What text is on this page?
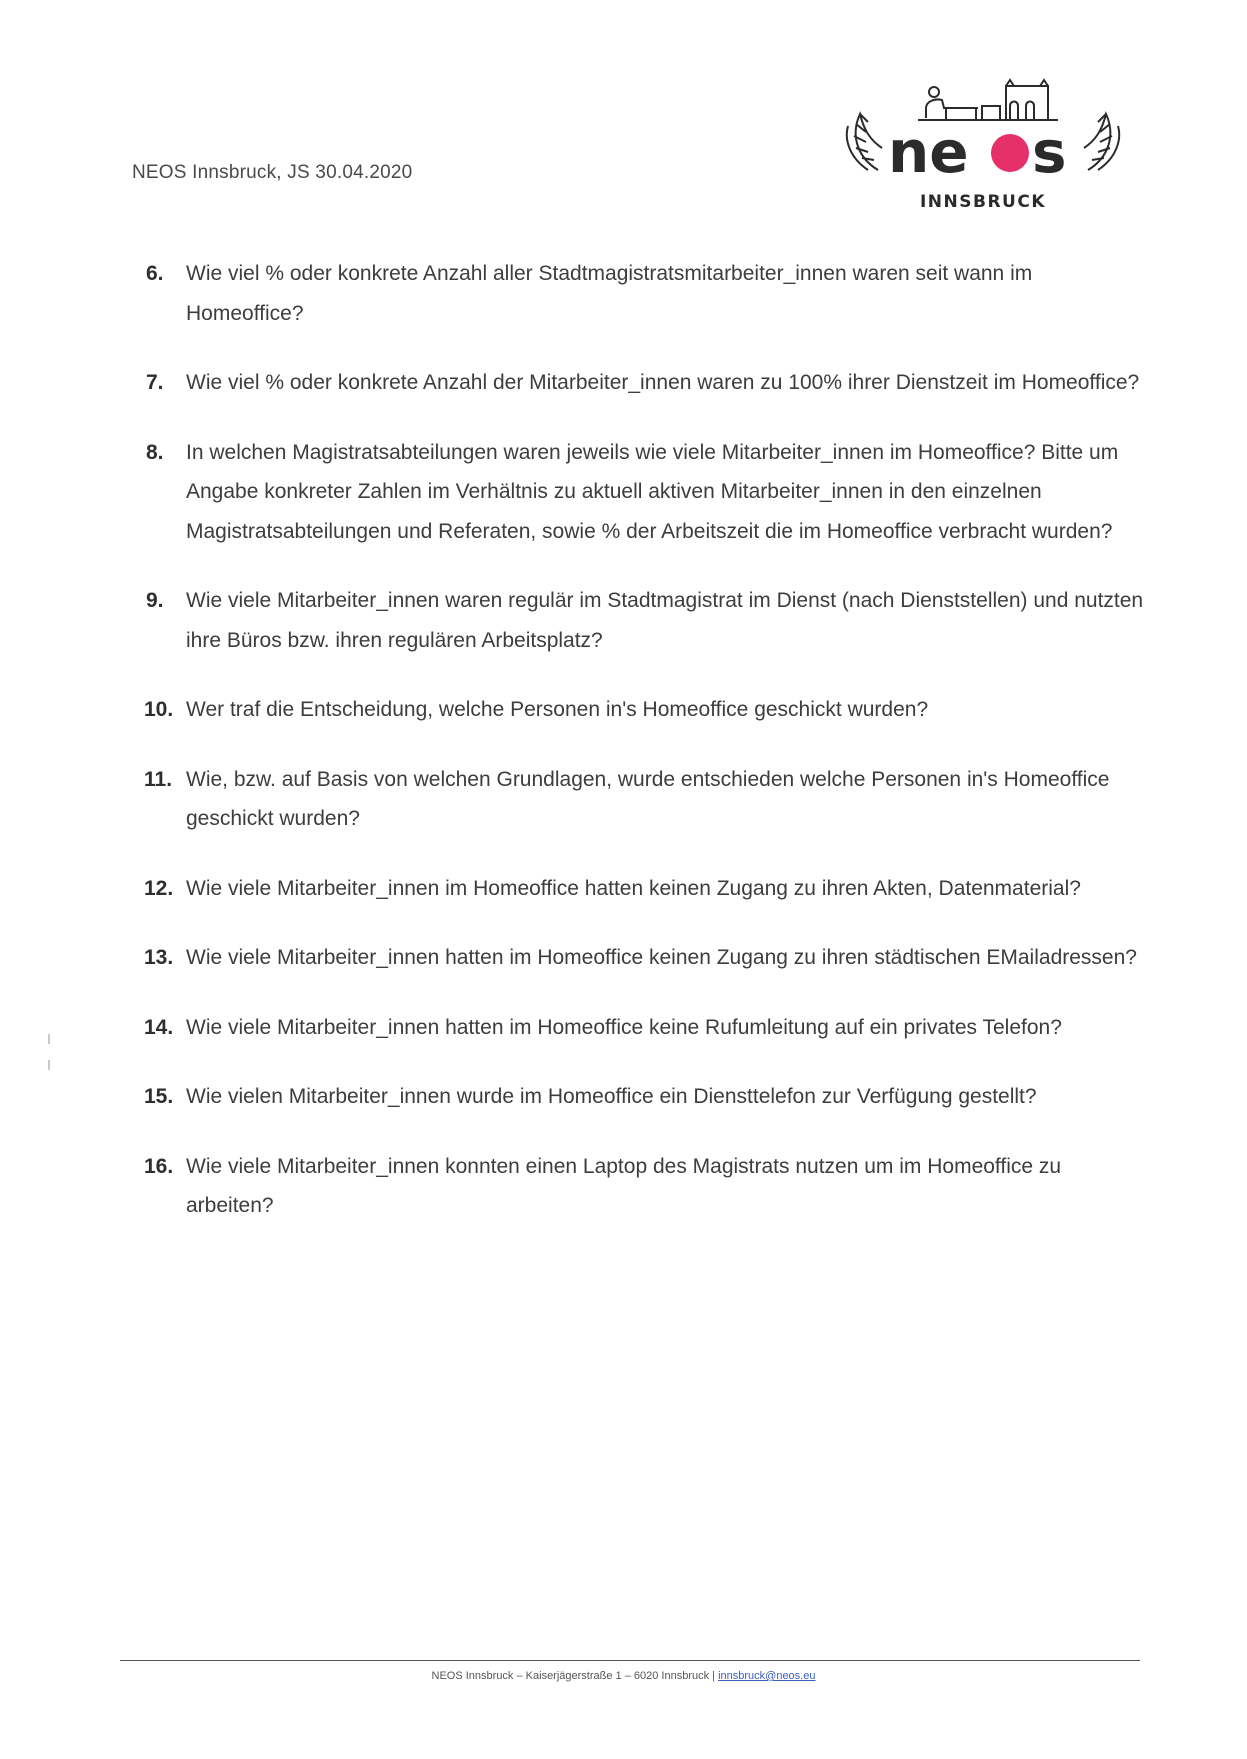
NEOS Innsbruck, JS 30.04.2020	ne s
INNSBRUCK
6. Wie viel % oder konkrete Anzahl aller Stadtmagistratsmitarbeiter_innen waren seit wann im Homeoffice?
7. Wie viel % oder konkrete Anzahl der Mitarbeiter_innen waren zu 100% ihrer Dienstzeit im Homeoffice?
8. In welchen Magistratsabteilungen waren jeweils wie viele Mitarbeiter_innen im Homeoffice? Bitte um Angabe konkreter Zahlen im Verhältnis zu aktuell aktiven Mitarbeiter_innen in den einzelnen Magistratsabteilungen und Referaten, sowie % der Arbeitszeit die im Homeoffice verbracht wurden?
9. Wie viele Mitarbeiter_innen waren regulär im Stadtmagistrat im Dienst (nach Dienststellen) und nutzten ihre Büros bzw. ihren regulären Arbeitsplatz?
10. Wer traf die Entscheidung, welche Personen in's Homeoffice geschickt wurden?
11. Wie, bzw. auf Basis von welchen Grundlagen, wurde entschieden welche Personen in's Homeoffice geschickt wurden?
12. Wie viele Mitarbeiter_innen im Homeoffice hatten keinen Zugang zu ihren Akten, Datenmaterial?
13. Wie viele Mitarbeiter_innen hatten im Homeoffice keinen Zugang zu ihren städtischen EMailadressen?
14. Wie viele Mitarbeiter_innen hatten im Homeoffice keine Rufumleitung auf ein privates Telefon?
15. Wie vielen Mitarbeiter_innen wurde im Homeoffice ein Diensttelefon zur Verfügung gestellt?
16. Wie viele Mitarbeiter_innen konnten einen Laptop des Magistrats nutzen um im Homeoffice zu arbeiten?
NEOS Innsbruck – Kaiserjägerstraße 1 – 6020 Innsbruck | innsbruck@neos.eu
